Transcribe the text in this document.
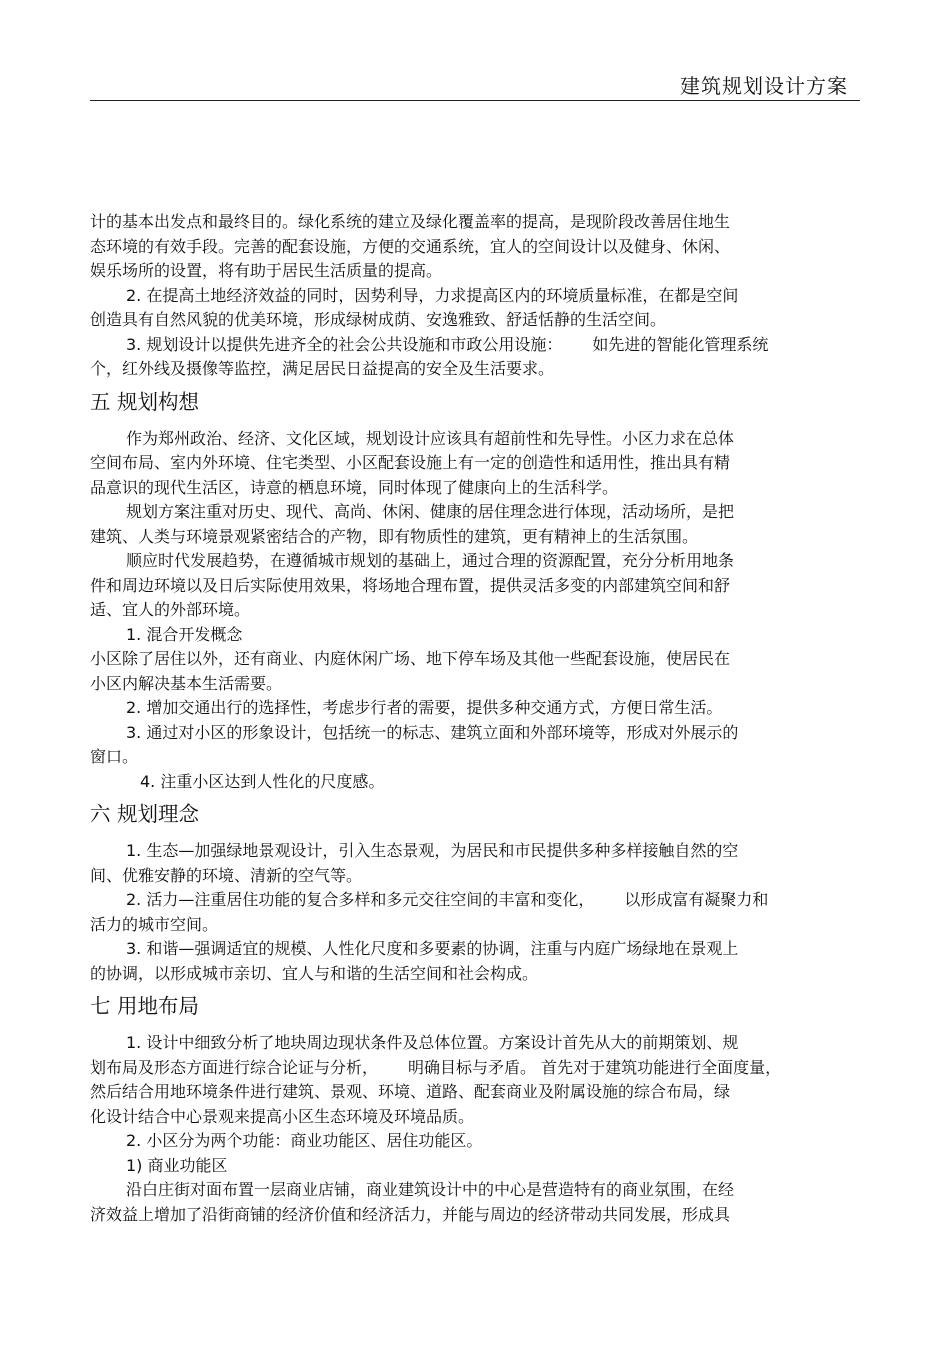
建筑规划设计方案
计的基本出发点和最终目的。绿化系统的建立及绿化覆盖率的提高，是现阶段改善居住地生
态环境的有效手段。完善的配套设施，方便的交通系统，宜人的空间设计以及健身、休闲、
娱乐场所的设置，将有助于居民生活质量的提高。
2. 在提高土地经济效益的同时，因势利导，力求提高区内的环境质量标准，在都是空间
创造具有自然风貌的优美环境，形成绿树成荫、安逸雅致、舒适恬静的生活空间。
3. 规划设计以提供先进齐全的社会公共设施和市政公用设施： 如先进的智能化管理系统
个，红外线及摄像等监控，满足居民日益提高的安全及生活要求。
五 规划构想
作为郑州政治、经济、文化区域，规划设计应该具有超前性和先导性。小区力求在总体
空间布局、室内外环境、住宅类型、小区配套设施上有一定的创造性和适用性，推出具有精
品意识的现代生活区，诗意的栖息环境，同时体现了健康向上的生活科学。
规划方案注重对历史、现代、高尚、休闲、健康的居住理念进行体现，活动场所，是把
建筑、人类与环境景观紧密结合的产物，即有物质性的建筑，更有精神上的生活氛围。
顺应时代发展趋势，在遵循城市规划的基础上，通过合理的资源配置，充分分析用地条
件和周边环境以及日后实际使用效果，将场地合理布置，提供灵活多变的内部建筑空间和舒
适、宜人的外部环境。
1. 混合开发概念
小区除了居住以外，还有商业、内庭休闲广场、地下停车场及其他一些配套设施，使居民在
小区内解决基本生活需要。
2. 增加交通出行的选择性，考虑步行者的需要，提供多种交通方式，方便日常生活。
3. 通过对小区的形象设计，包括统一的标志、建筑立面和外部环境等，形成对外展示的
窗口。
4. 注重小区达到人性化的尺度感。
六 规划理念
1. 生态—加强绿地景观设计，引入生态景观，为居民和市民提供多种多样接触自然的空
间、优雅安静的环境、清新的空气等。
2. 活力—注重居住功能的复合多样和多元交往空间的丰富和变化， 以形成富有凝聚力和
活力的城市空间。
3. 和谐—强调适宜的规模、人性化尺度和多要素的协调，注重与内庭广场绿地在景观上
的协调，以形成城市亲切、宜人与和谐的生活空间和社会构成。
七 用地布局
1. 设计中细致分析了地块周边现状条件及总体位置。方案设计首先从大的前期策划、规
划布局及形态方面进行综合论证与分析， 明确目标与矛盾。 首先对于建筑功能进行全面度量，
然后结合用地环境条件进行建筑、景观、环境、道路、配套商业及附属设施的综合布局，绿
化设计结合中心景观来提高小区生态环境及环境品质。
2. 小区分为两个功能：商业功能区、居住功能区。
1) 商业功能区
沿白庄街对面布置一层商业店铺，商业建筑设计中的中心是营造特有的商业氛围，在经
济效益上增加了沿街商铺的经济价值和经济活力，并能与周边的经济带动共同发展，形成具
